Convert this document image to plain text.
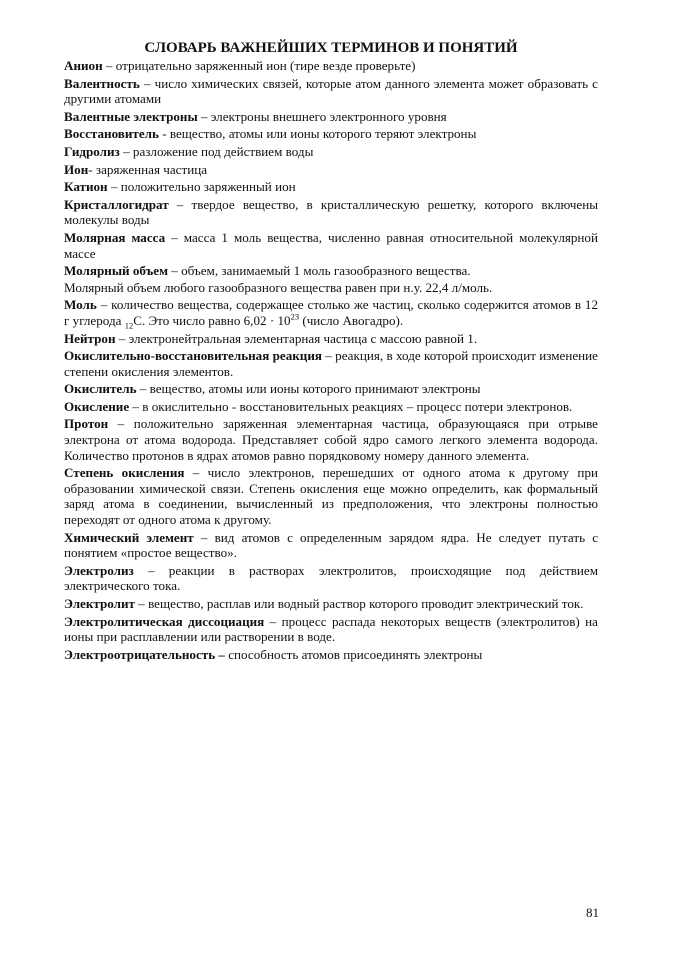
СЛОВАРЬ ВАЖНЕЙШИХ ТЕРМИНОВ И ПОНЯТИЙ
Анион – отрицательно заряженный ион (тире везде проверьте)
Валентность – число химических связей, которые атом данного элемента может образовать с другими атомами
Валентные электроны – электроны внешнего электронного уровня
Восстановитель - вещество, атомы или ионы которого теряют электроны
Гидролиз – разложение под действием воды
Ион- заряженная частица
Катион – положительно заряженный ион
Кристаллогидрат – твердое вещество, в кристаллическую решетку, которого включены молекулы воды
Молярная масса – масса 1 моль вещества, численно равная относительной молекулярной массе
Молярный объем – объем, занимаемый 1 моль газообразного вещества.
Молярный объем любого газообразного вещества равен при н.у. 22,4 л/моль.
Моль – количество вещества, содержащее столько же частиц, сколько содержится атомов в 12 г углерода $_{12}$С. Это число равно $6,02 \cdot 10^{23}$ (число Авогадро).
Нейтрон – электронейтральная элементарная частица с массою равной 1.
Окислительно-восстановительная реакция – реакция, в ходе которой происходит изменение степени окисления элементов.
Окислитель – вещество, атомы или ионы которого принимают электроны
Окисление – в окислительно - восстановительных реакциях – процесс потери электронов.
Протон – положительно заряженная элементарная частица, образующаяся при отрыве электрона от атома водорода. Представляет собой ядро самого легкого элемента водорода. Количество протонов в ядрах атомов равно порядковому номеру данного элемента.
Степень окисления – число электронов, перешедших от одного атома к другому при образовании химической связи. Степень окисления еще можно определить, как формальный заряд атома в соединении, вычисленный из предположения, что электроны полностью переходят от одного атома к другому.
Химический элемент – вид атомов с определенным зарядом ядра. Не следует путать с понятием «простое вещество».
Электролиз – реакции в растворах электролитов, происходящие под действием электрического тока.
Электролит – вещество, расплав или водный раствор которого проводит электрический ток.
Электролитическая диссоциация – процесс распада некоторых веществ (электролитов) на ионы при расплавлении или растворении в воде.
Электроотрицательность – способность атомов присоединять электроны
81
